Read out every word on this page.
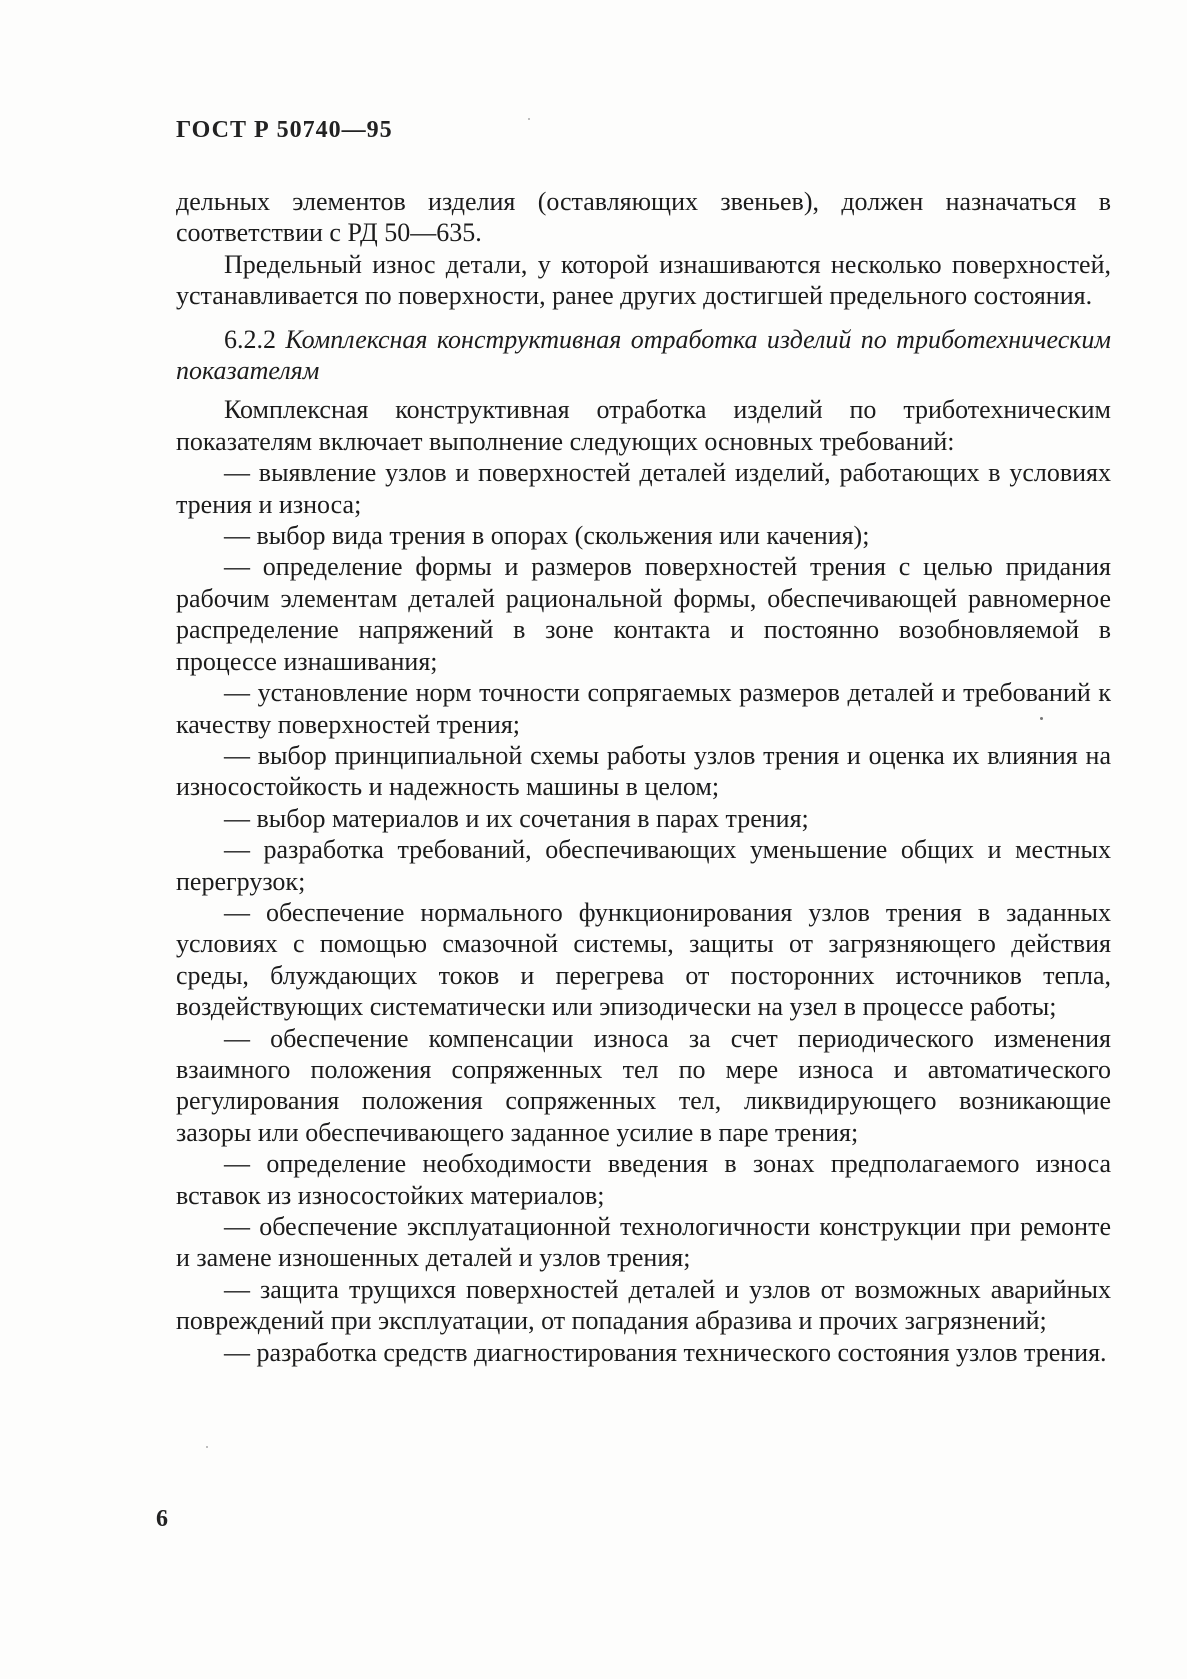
ГОСТ Р 50740—95

дельных элементов изделия (оставляющих звеньев), должен назначаться в соответствии с РД 50—635.

Предельный износ детали, у которой изнашиваются несколько поверхностей, устанавливается по поверхности, ранее других достигшей предельного состояния.

6.2.2 Комплексная конструктивная отработка изделий по триботехническим показателям

Комплексная конструктивная отработка изделий по триботехническим показателям включает выполнение следующих основных требований:

— выявление узлов и поверхностей деталей изделий, работающих в условиях трения и износа;
— выбор вида трения в опорах (скольжения или качения);
— определение формы и размеров поверхностей трения с целью придания рабочим элементам деталей рациональной формы, обеспечивающей равномерное распределение напряжений в зоне контакта и постоянно возобновляемой в процессе изнашивания;
— установление норм точности сопрягаемых размеров деталей и требований к качеству поверхностей трения;
— выбор принципиальной схемы работы узлов трения и оценка их влияния на износостойкость и надежность машины в целом;
— выбор материалов и их сочетания в парах трения;
— разработка требований, обеспечивающих уменьшение общих и местных перегрузок;
— обеспечение нормального функционирования узлов трения в заданных условиях с помощью смазочной системы, защиты от загрязняющего действия среды, блуждающих токов и перегрева от посторонних источников тепла, воздействующих систематически или эпизодически на узел в процессе работы;
— обеспечение компенсации износа за счет периодического изменения взаимного положения сопряженных тел по мере износа и автоматического регулирования положения сопряженных тел, ликвидирующего возникающие зазоры или обеспечивающего заданное усилие в паре трения;
— определение необходимости введения в зонах предполагаемого износа вставок из износостойких материалов;
— обеспечение эксплуатационной технологичности конструкции при ремонте и замене изношенных деталей и узлов трения;
— защита трущихся поверхностей деталей и узлов от возможных аварийных повреждений при эксплуатации, от попадания абразива и прочих загрязнений;
— разработка средств диагностирования технического состояния узлов трения.
6
